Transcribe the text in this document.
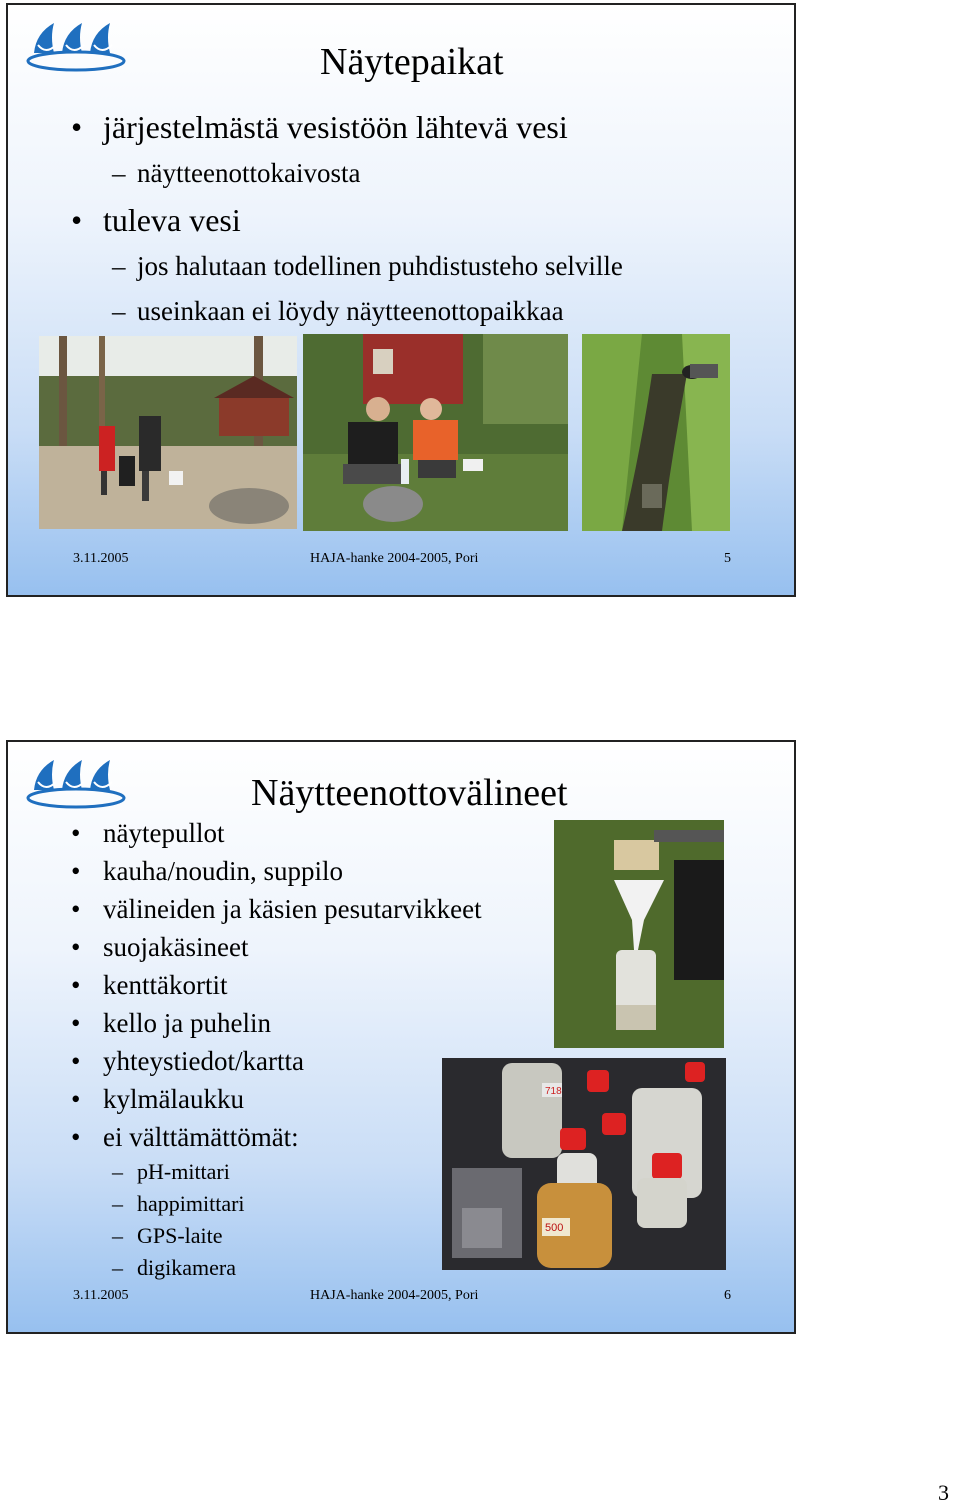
Näytepaikat
• järjestelmästä vesistöön lähtevä vesi
– näytteenottokaivosta
• tuleva vesi
– jos halutaan todellinen puhdistusteho selville
– useinkaan ei löydy näytteenottopaikkaa
3.11.2005	HAJA-hanke 2004-2005, Pori	5
Näytteenottovälineet
• näytepullot
• kauha/noudin, suppilo
• välineiden ja käsien pesutarvikkeet
• suojakäsineet
• kenttäkortit
• kello ja puhelin
• yhteystiedot/kartta
• kylmälaukku
• ei välttämättömät:
– pH-mittari
– happimittari
– GPS-laite
– digikamera
718
500
3.11.2005	HAJA-hanke 2004-2005, Pori	6
3
